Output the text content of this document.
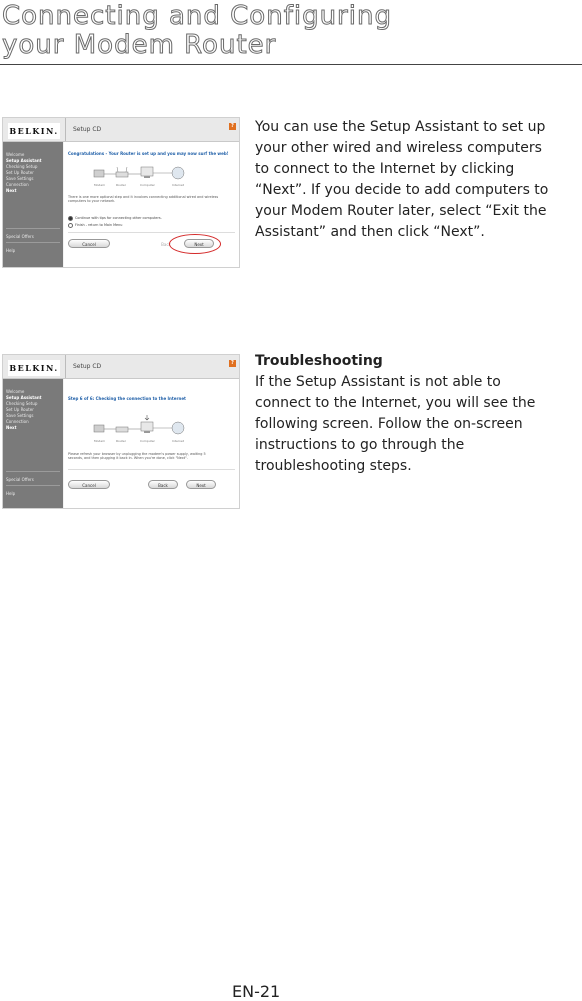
Connecting and Configuring
your Modem Router
BELKIN. Setup CD	?
Welcome
Setup Assistant
Checking Setup
Set Up Router
Save Settings
Connection
Next
Special Offers
Help
Congratulations - Your Router is set up and you may now surf the web!
Modem	Router	Computer	Internet
There is one more optional step and it involves connecting additional wired and wireless computers to your network.
Continue with tips for connecting other computers.
Finish - return to Main Menu
Cancel	Back	Next

You can use the Setup Assistant to set up your other wired and wireless computers to connect to the Internet by clicking “Next”. If you decide to add computers to your Modem Router later, select “Exit the Assistant” and then click “Next”.

BELKIN. Setup CD	?
Welcome
Setup Assistant
Checking Setup
Set Up Router
Save Settings
Connection
Next
Special Offers
Help
Step 6 of 6: Checking the connection to the Internet
Modem	Router	Computer	Internet
Please refresh your browser by unplugging the modem's power supply, waiting 5 seconds, and then plugging it back in. When you're done, click "Next".
Cancel	Back	Next
Troubleshooting
If the Setup Assistant is not able to connect to the Internet, you will see the following screen. Follow the on-screen instructions to go through the troubleshooting steps.
EN-21
